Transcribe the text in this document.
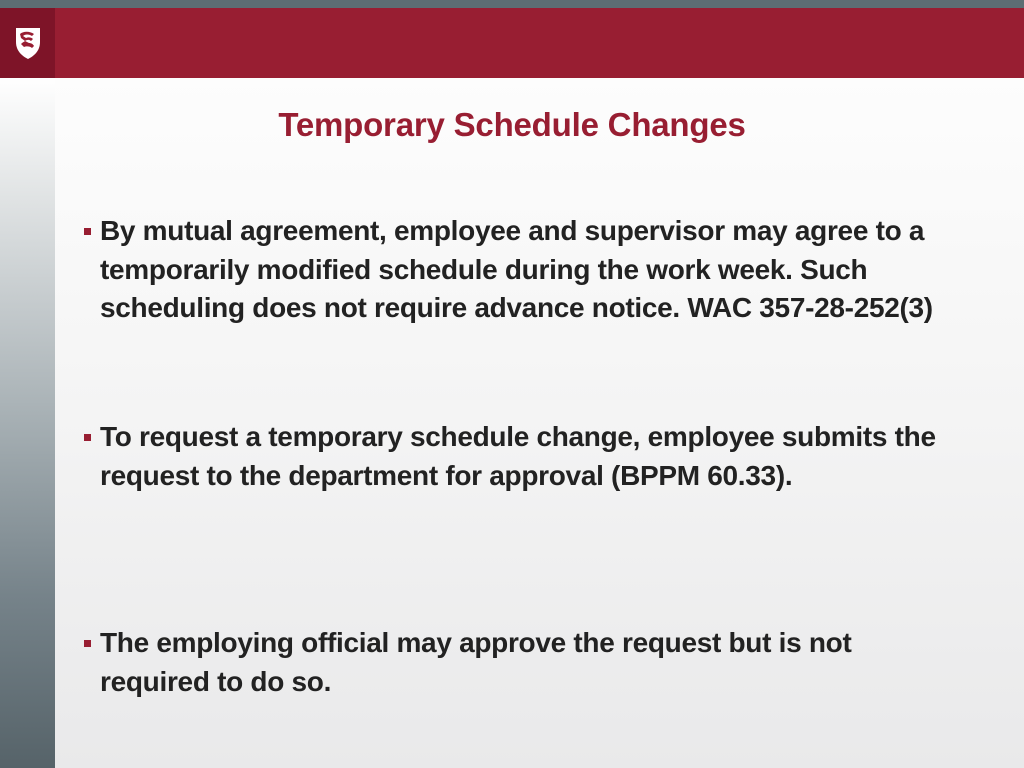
Temporary Schedule Changes
By mutual agreement, employee and supervisor may agree to a temporarily modified schedule during the work week. Such scheduling does not require advance notice. WAC 357-28-252(3)
To request a temporary schedule change, employee submits the request to the department for approval (BPPM 60.33).
The employing official may approve the request but is not required to do so.
